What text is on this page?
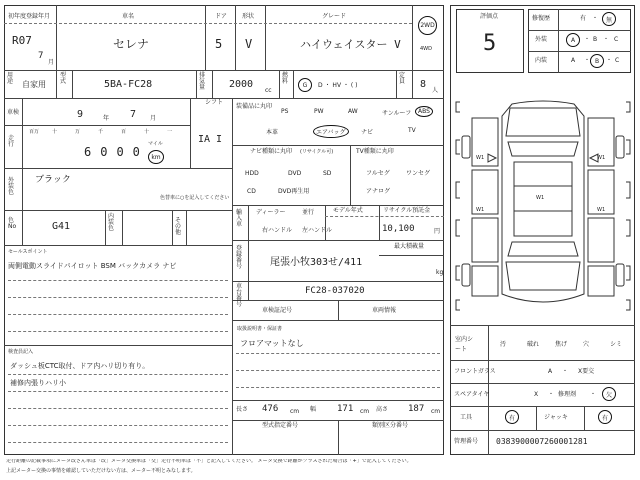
初年度登録年月
R07
7
月
車名
セレナ
ドア
5
形状
V
グレード
ハイウェイスター V
2WD
4WD
用途 自家用
型式	5BA-FC28
排気量 2000
cc
燃料	G D ・ HV ・ ( )
定員 8
人
車検	9	年 7 月
シフト
IA I
走行
百万	十	万	千	百	十	一
6000
マイル
km
外装色
ブラック
色替車に○を記入してください
色No	G41
内装色
その他
セールスポイント
両側電動スライドパイロット BSM バックカメラ ナビ
検査員記入
ダッシュ板CTC取付、ドア内ハリ切り有り。
補修内張りハリ小
装備品に丸印
PS	PW	AW	サンルーフ	ABS
本革	エアバッグ	ナビ	TV
ナビ種類に丸印 (リサイクル可)
HDD	DVD	SD
CD	DVD再生用
TV種類に丸印
フルセグ	ワンセグ
アナログ
輸入車
ディーラー	並行
右ハンドル 左ハンドル
モデル年式	リサイクル預託金
10,100	円
登録番号
最大積載量
尾張小牧303せ/411
kg
車台番号
FC28-037020
車検証記号	車両情報
取扱説明書・保証書
フロアマットなし
長さ 476 cm 幅 171 cm 高さ 187 cm
型式指定番号	類別区分番号
評価点
5
修復歴	有 ・ 無
外装	A ・ B ・ C
内装	A ・ B ・ C
W1	W1
W1	W1
W1
室内シート
汚	破れ	焦げ	穴	シミ
フロントガラス	A ・ X要交
スペアタイヤ	X ・ 修理剤 ・ 欠
工具	有	ジャッキ	有
管理番号 0383900007260001281
走行距離の記載事項にメータ改ざん車は「改」メータ交換車は「交」走行不明車は「不」と記入してください。 メータ交換で距離がプラスされた場合は「+」で記入してください。
上記メーター交換の事情を確認していただけない方は、メーター不明とみなします。
